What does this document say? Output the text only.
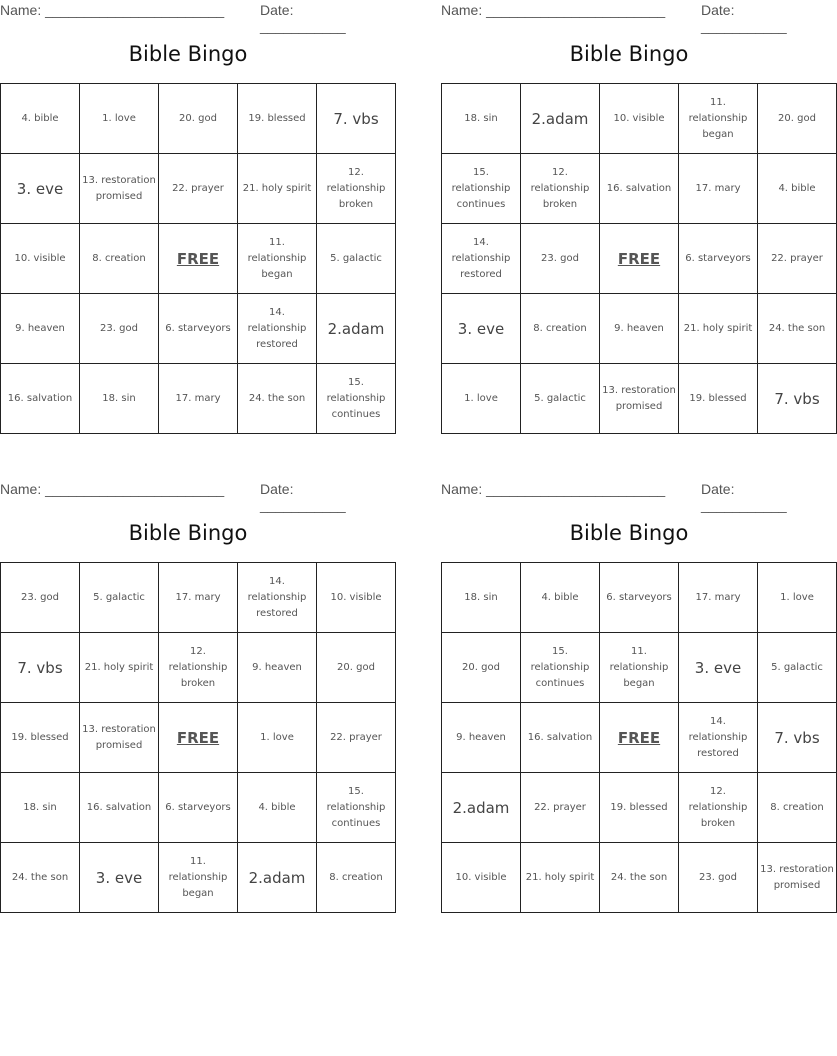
Name: _______________________	Date: ___________
Bible Bingo
4. bible	1. love	20. god	19. blessed	7. vbs
3. eve	13. restoration promised	22. prayer	21. holy spirit	12. relationship broken
10. visible	8. creation	FREE	11. relationship began	5. galactic
9. heaven	23. god	6. starveyors	14. relationship restored	2.adam
16. salvation	18. sin	17. mary	24. the son	15. relationship continues
Name: _______________________	Date: ___________
Bible Bingo
18. sin	2.adam	10. visible	11. relationship began	20. god
15. relationship continues	12. relationship broken	16. salvation	17. mary	4. bible
14. relationship restored	23. god	FREE	6. starveyors	22. prayer
3. eve	8. creation	9. heaven	21. holy spirit	24. the son
1. love	5. galactic	13. restoration promised	19. blessed	7. vbs
Name: _______________________	Date: ___________
Bible Bingo
23. god	5. galactic	17. mary	14. relationship restored	10. visible
7. vbs	21. holy spirit	12. relationship broken	9. heaven	20. god
19. blessed	13. restoration promised	FREE	1. love	22. prayer
18. sin	16. salvation	6. starveyors	4. bible	15. relationship continues
24. the son	3. eve	11. relationship began	2.adam	8. creation
Name: _______________________	Date: ___________
Bible Bingo
18. sin	4. bible	6. starveyors	17. mary	1. love
20. god	15. relationship continues	11. relationship began	3. eve	5. galactic
9. heaven	16. salvation	FREE	14. relationship restored	7. vbs
2.adam	22. prayer	19. blessed	12. relationship broken	8. creation
10. visible	21. holy spirit	24. the son	23. god	13. restoration promised
